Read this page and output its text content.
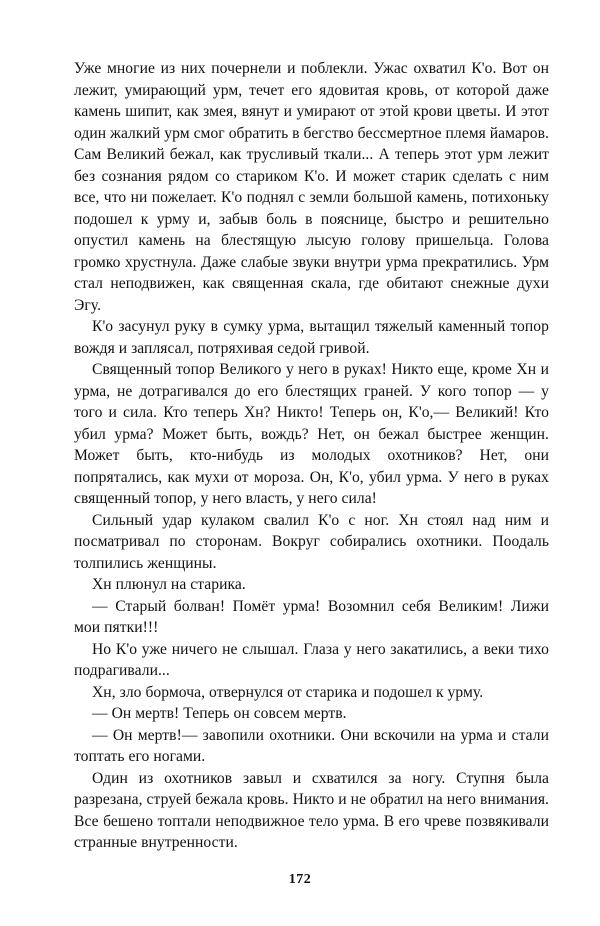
Уже многие из них почернели и поблекли. Ужас охватил К'о. Вот он лежит, умирающий урм, течет его ядовитая кровь, от которой даже камень шипит, как змея, вянут и умирают от этой крови цветы. И этот один жалкий урм смог обратить в бегство бессмертное племя йамаров. Сам Великий бежал, как трусливый ткали... А теперь этот урм лежит без сознания рядом со стариком К'о. И может старик сделать с ним все, что ни пожелает. К'о поднял с земли большой камень, потихоньку подошел к урму и, забыв боль в пояснице, быстро и решительно опустил камень на блестящую лысую голову пришельца. Голова громко хрустнула. Даже слабые звуки внутри урма прекратились. Урм стал неподвижен, как священная скала, где обитают снежные духи Эгу.

К'о засунул руку в сумку урма, вытащил тяжелый каменный топор вождя и заплясал, потряхивая седой гривой.

Священный топор Великого у него в руках! Никто еще, кроме Хн и урма, не дотрагивался до его блестящих граней. У кого топор — у того и сила. Кто теперь Хн? Никто! Теперь он, К'о,— Великий! Кто убил урма? Может быть, вождь? Нет, он бежал быстрее женщин. Может быть, кто-нибудь из молодых охотников? Нет, они попрятались, как мухи от мороза. Он, К'о, убил урма. У него в руках священный топор, у него власть, у него сила!

Сильный удар кулаком свалил К'о с ног. Хн стоял над ним и посматривал по сторонам. Вокруг собирались охотники. Поодаль толпились женщины.

Хн плюнул на старика.

— Старый болван! Помёт урма! Возомнил себя Великим! Лижи мои пятки!!!

Но К'о уже ничего не слышал. Глаза у него закатились, а веки тихо подрагивали...

Хн, зло бормоча, отвернулся от старика и подошел к урму.

— Он мертв! Теперь он совсем мертв.

— Он мертв!— завопили охотники. Они вскочили на урма и стали топтать его ногами.

Один из охотников завыл и схватился за ногу. Ступня была разрезана, струей бежала кровь. Никто и не обратил на него внимания. Все бешено топтали неподвижное тело урма. В его чреве позвякивали странные внутренности.

172
